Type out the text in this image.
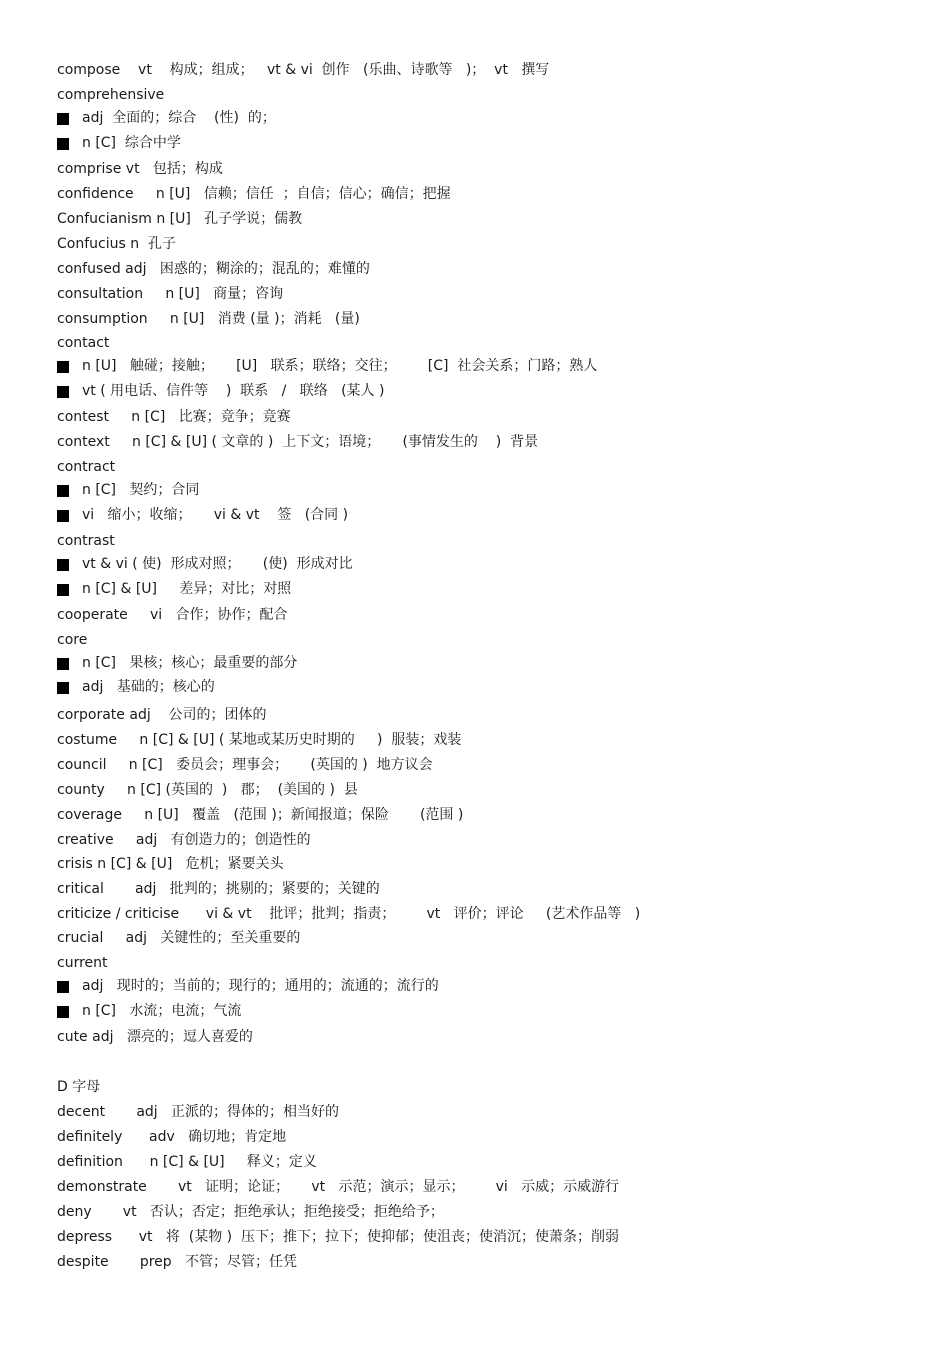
compose    vt    构成；组成；   vt & vi  创作   (乐曲、诗歌等   )；  vt   撰写
comprehensive
adj  全面的；综合    (性)  的；
n [C]  综合中学
comprise vt   包括；构成
confidence     n [U]   信赖；信任  ；自信；信心；确信；把握
Confucianism n [U]   孔子学说；儒教
Confucius n  孔子
confused adj   困惑的；糊涂的；混乱的；难懂的
consultation     n [U]   商量；咨询
consumption     n [U]   消费 (量 )；消耗   (量)
contact
n [U]   触碰；接触；     [U]   联系；联络；交往；       [C]  社会关系；门路；熟人
vt ( 用电话、信件等    )  联系   /   联络   (某人 )
contest     n [C]   比赛；竞争；竞赛
context     n [C] & [U] ( 文章的 )  上下文；语境；     (事情发生的    )  背景
contract
n [C]   契约；合同
vi   缩小；收缩；     vi & vt    签   (合同 )
contrast
vt & vi ( 使)  形成对照；     (使)  形成对比
n [C] & [U]     差异；对比；对照
cooperate     vi   合作；协作；配合
core
n [C]   果核；核心；最重要的部分
adj   基础的；核心的
corporate adj    公司的；团体的
costume     n [C] & [U] ( 某地或某历史时期的     )  服装；戏装
council     n [C]   委员会；理事会；     (英国的 )  地方议会
county     n [C] (英国的  )   郡；  (美国的 )  县
coverage     n [U]   覆盖   (范围 )；新闻报道；保险       (范围 )
creative     adj   有创造力的；创造性的
crisis n [C] & [U]   危机；紧要关头
critical       adj   批判的；挑剔的；紧要的；关键的
criticize / criticise      vi & vt    批评；批判；指责；       vt   评价；评论     (艺术作品等   )
crucial     adj   关键性的；至关重要的
current
adj   现时的；当前的；现行的；通用的；流通的；流行的
n [C]   水流；电流；气流
cute adj   漂亮的；逗人喜爱的
D 字母
decent       adj   正派的；得体的；相当好的
definitely      adv   确切地；肯定地
definition      n [C] & [U]     释义；定义
demonstrate       vt   证明；论证；     vt   示范；演示；显示；       vi   示威；示威游行
deny       vt   否认；否定；拒绝承认；拒绝接受；拒绝给予；
depress      vt   将  (某物 )  压下；推下；拉下；使抑郁；使沮丧；使消沉；使萧条；削弱
despite       prep   不管；尽管；任凭
